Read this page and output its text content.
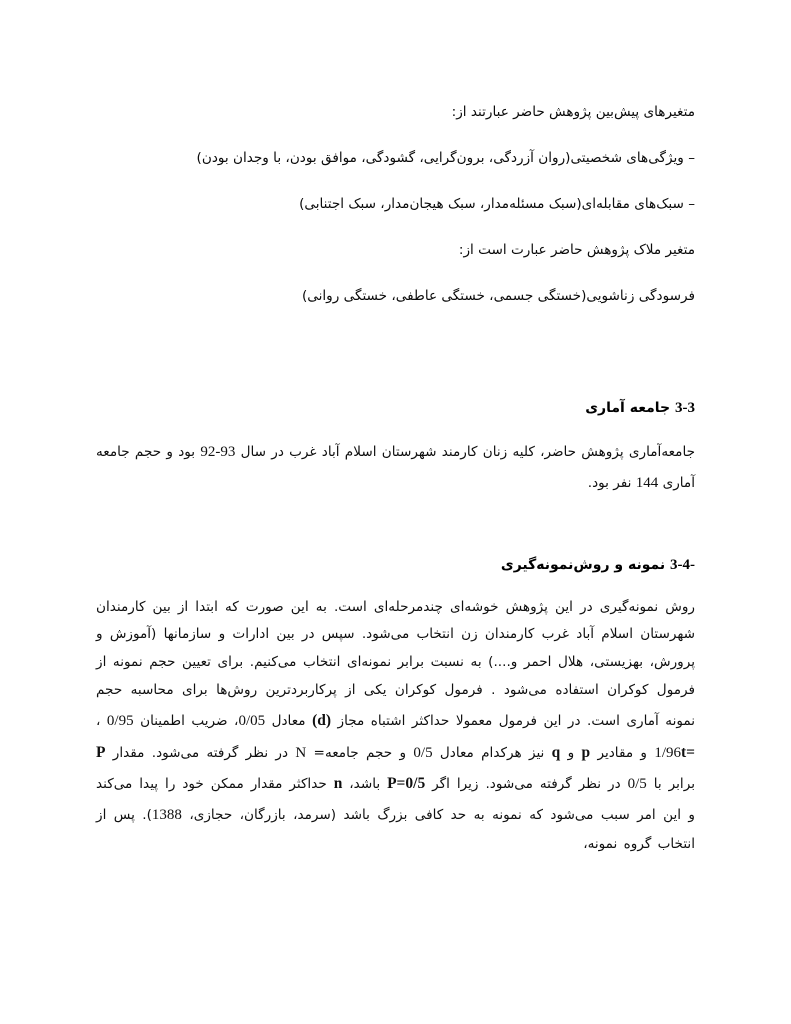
متغیرهای پیش‌بین پژوهش حاضر عبارتند از:
– ویژگی‌های شخصیتی(روان آزردگی، برون‌گرایی، گشودگی، موافق بودن، با وجدان بودن)
– سبک‌های مقابله‌ای(سبک مسئله‌مدار، سبک هیجان‌مدار، سبک اجتنابی)
متغیر ملاک پژوهش حاضر عبارت است از:
فرسودگی زناشویی(خستگی جسمی، خستگی عاطفی، خستگی روانی)
3-3 جامعه آماری

جامعه‌آماری پژوهش حاضر، کلیه زنان کارمند شهرستان اسلام آباد غرب در سال 92-93 بود و حجم جامعه آماری 144 نفر بود.

3-4- نمونه و روش‌نمونه‌گیری

روش نمونه‌گیری در این پژوهش خوشه‌ای چندمرحله‌ای است. به این صورت که ابتدا از بین کارمندان شهرستان اسلام آباد غرب کارمندان زن انتخاب می‌شود. سپس در بین ادارات و سازمانها (آموزش و پرورش، بهزیستی، هلال احمر و....) به نسبت برابر نمونه‌ای انتخاب می‌کنیم. برای تعیین حجم نمونه از فرمول کوکران استفاده می‌شود . فرمول کوکران یکی از پرکاربردترین روش‌ها برای محاسبه حجم نمونه آماری است. در این فرمول معمولا حداکثر اشتباه مجاز (d) معادل 0/05، ضریب اطمینان 0/95 ، t=1/96 و مقادیر p و q نیز هرکدام معادل 0/5 و حجم جامعه= N در نظر گرفته می‌شود. مقدار P برابر با 0/5 در نظر گرفته می‌شود. زیرا اگر P=0/5 باشد، n حداکثر مقدار ممکن خود را پیدا می‌کند و این امر سبب می‌شود که نمونه به حد کافی بزرگ باشد (سرمد، بازرگان، حجازی، 1388). پس از انتخاب گروه نمونه،
